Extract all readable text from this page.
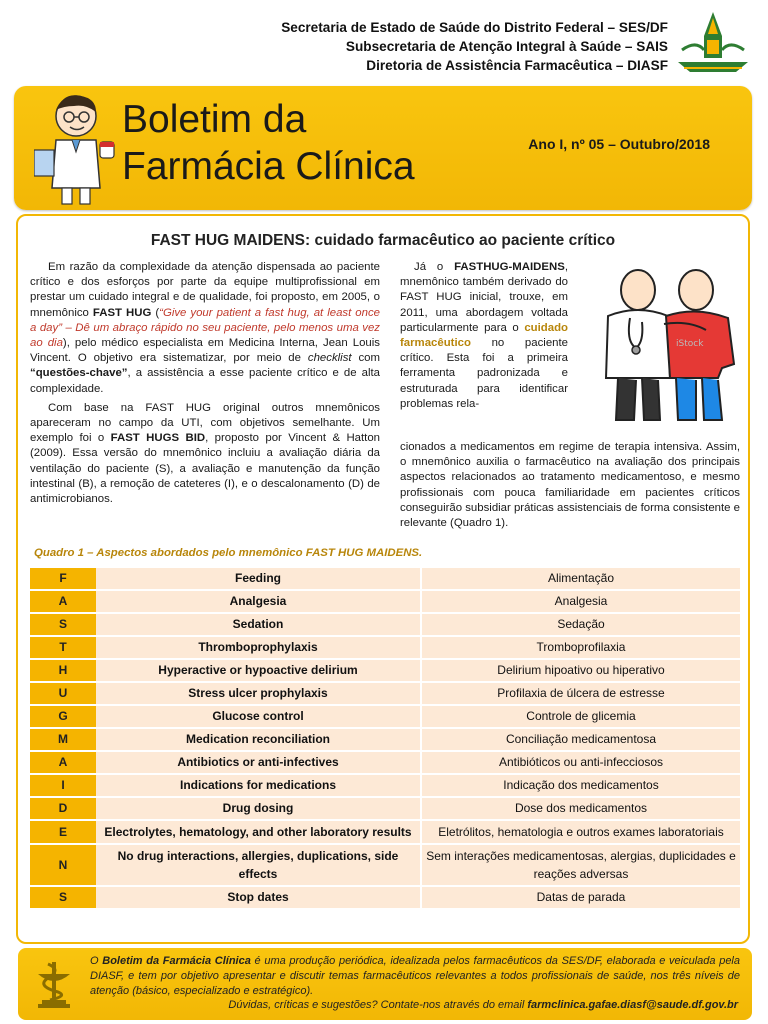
Secretaria de Estado de Saúde do Distrito Federal – SES/DF
Subsecretaria de Atenção Integral à Saúde – SAIS
Diretoria de Assistência Farmacêutica – DIASF
Boletim da
Farmácia Clínica
Ano I, nº 05 – Outubro/2018
FAST HUG MAIDENS: cuidado farmacêutico ao paciente crítico

Em razão da complexidade da atenção dispensada ao paciente crítico e dos esforços por parte da equipe multiprofissional em prestar um cuidado integral e de qualidade, foi proposto, em 2005, o mnemônico FAST HUG (“Give your patient a fast hug, at least once a day” – Dê um abraço rápido no seu paciente, pelo menos uma vez ao dia), pelo médico especialista em Medicina Interna, Jean Louis Vincent. O objetivo era sistematizar, por meio de checklist com “questões-chave”, a assistência a esse paciente crítico e de alta complexidade.

Com base na FAST HUG original outros mnemônicos apareceram no campo da UTI, com objetivos semelhante. Um exemplo foi o FAST HUGS BID, proposto por Vincent & Hatton (2009). Essa versão do mnemônico incluiu a avaliação diária da ventilação do paciente (S), a avaliação e manutenção da função intestinal (B), a remoção de cateteres (I), e o descalonamento (D) de antimicrobianos.

Já o FASTHUG-MAIDENS, mnemônico também derivado do FAST HUG inicial, trouxe, em 2011, uma abordagem voltada particularmente para o cuidado farmacêutico no paciente crítico. Esta foi a primeira ferramenta padronizada e estruturada para identificar problemas rela-

iStock
cionados a medicamentos em regime de terapia intensiva. Assim, o mnemônico auxilia o farmacêutico na avaliação dos principais aspectos relacionados ao tratamento medicamentoso, e mesmo profissionais com pouca familiaridade em pacientes críticos conseguirão subsidiar práticas assistenciais de forma consistente e relevante (Quadro 1).
Quadro 1 – Aspectos abordados pelo mnemônico FAST HUG MAIDENS.
F	Feeding	Alimentação
A	Analgesia	Analgesia
S	Sedation	Sedação
T	Thromboprophylaxis	Tromboprofilaxia
H	Hyperactive or hypoactive delirium	Delirium hipoativo ou hiperativo
U	Stress ulcer prophylaxis	Profilaxia de úlcera de estresse
G	Glucose control	Controle de glicemia
M	Medication reconciliation	Conciliação medicamentosa
A	Antibiotics or anti-infectives	Antibióticos ou anti-infecciosos
I	Indications for medications	Indicação dos medicamentos
D	Drug dosing	Dose dos medicamentos
E	Electrolytes, hematology, and other laboratory results	Eletrólitos, hematologia e outros exames laboratoriais
N	No drug interactions, allergies, duplications, side effects	Sem interações medicamentosas, alergias, duplicidades e reações adversas
S	Stop dates	Datas de parada
O Boletim da Farmácia Clínica é uma produção periódica, idealizada pelos farmacêuticos da SES/DF, elaborada e veiculada pela DIASF, e tem por objetivo apresentar e discutir temas farmacêuticos relevantes a todos profissionais de saúde, nos três níveis de atenção (básico, especializado e estratégico).
Dúvidas, críticas e sugestões? Contate-nos através do email farmclinica.gafae.diasf@saude.df.gov.br
